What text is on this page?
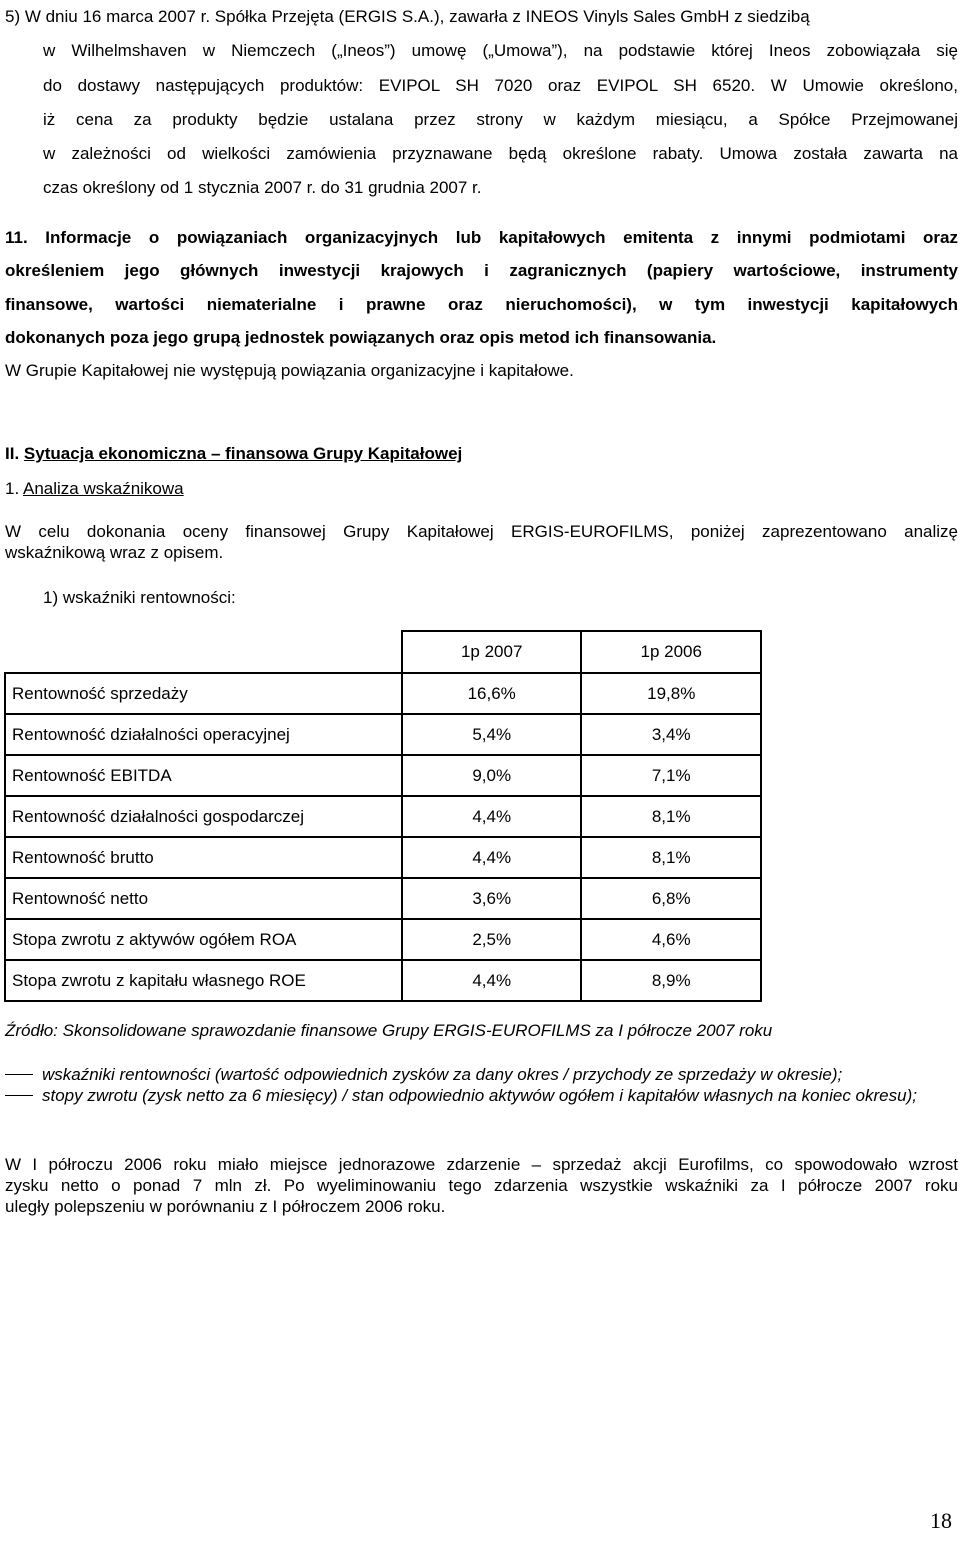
5) W dniu 16 marca 2007 r. Spółka Przejęta (ERGIS S.A.), zawarła z INEOS Vinyls Sales GmbH z siedzibą
w Wilhelmshaven w Niemczech („Ineos”) umowę („Umowa”), na podstawie której Ineos zobowiązała się
do dostawy następujących produktów: EVIPOL SH 7020 oraz EVIPOL SH 6520. W Umowie określono,
iż cena za produkty będzie ustalana przez strony w każdym miesiącu, a Spółce Przejmowanej
w zależności od wielkości zamówienia przyznawane będą określone rabaty. Umowa została zawarta na
czas określony od 1 stycznia 2007 r. do 31 grudnia 2007 r.
11. Informacje o powiązaniach organizacyjnych lub kapitałowych emitenta z innymi podmiotami oraz
określeniem jego głównych inwestycji krajowych i zagranicznych (papiery wartościowe, instrumenty
finansowe, wartości niematerialne i prawne oraz nieruchomości), w tym inwestycji kapitałowych
dokonanych poza jego grupą jednostek powiązanych oraz opis metod ich finansowania.
W Grupie Kapitałowej nie występują powiązania organizacyjne i kapitałowe.
II. Sytuacja ekonomiczna – finansowa Grupy Kapitałowej
1. Analiza wskaźnikowa
W celu dokonania oceny finansowej Grupy Kapitałowej ERGIS-EUROFILMS, poniżej zaprezentowano analizę
wskaźnikową wraz z opisem.
1) wskaźniki rentowności:
	1p 2007	1p 2006
Rentowność sprzedaży	16,6%	19,8%
Rentowność działalności operacyjnej	5,4%	3,4%
Rentowność EBITDA	9,0%	7,1%
Rentowność działalności gospodarczej	4,4%	8,1%
Rentowność brutto	4,4%	8,1%
Rentowność netto	3,6%	6,8%
Stopa zwrotu z aktywów ogółem ROA	2,5%	4,6%
Stopa zwrotu z kapitału własnego ROE	4,4%	8,9%
Źródło: Skonsolidowane sprawozdanie finansowe Grupy ERGIS-EUROFILMS za I półrocze 2007 roku
wskaźniki rentowności (wartość odpowiednich zysków za dany okres / przychody ze sprzedaży w okresie);
stopy zwrotu (zysk netto za 6 miesięcy) / stan odpowiednio aktywów ogółem i kapitałów własnych na koniec okresu);
W I półroczu 2006 roku miało miejsce jednorazowe zdarzenie – sprzedaż akcji Eurofilms, co spowodowało wzrost
zysku netto o ponad 7 mln zł. Po wyeliminowaniu tego zdarzenia wszystkie wskaźniki za I półrocze 2007 roku
uległy polepszeniu w porównaniu z I półroczem 2006 roku.
18
